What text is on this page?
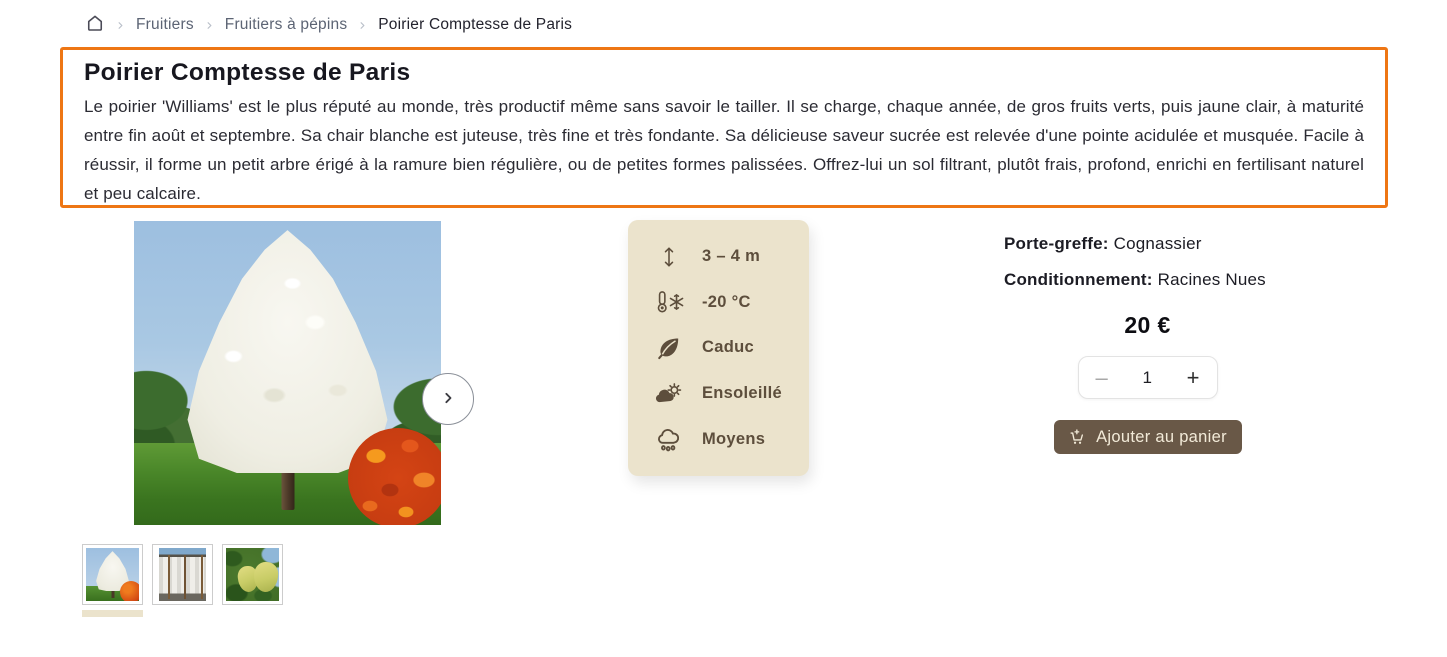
Fruitiers Fruitiers à pépins Poirier Comptesse de Paris
Poirier Comptesse de Paris

Le poirier 'Williams' est le plus réputé au monde, très productif même sans savoir le tailler. Il se charge, chaque année, de gros fruits verts, puis jaune clair, à maturité entre fin août et septembre. Sa chair blanche est juteuse, très fine et très fondante. Sa délicieuse saveur sucrée est relevée d'une pointe acidulée et musquée. Facile à réussir, il forme un petit arbre érigé à la ramure bien régulière, ou de petites formes palissées. Offrez-lui un sol filtrant, plutôt frais, profond, enrichi en fertilisant naturel et peu calcaire.

3 – 4 m
-20 °C
Caduc
Ensoleillé
Moyens
Porte-greffe: Cognassier
Conditionnement: Racines Nues
20 €
– 1 +
Ajouter au panier
